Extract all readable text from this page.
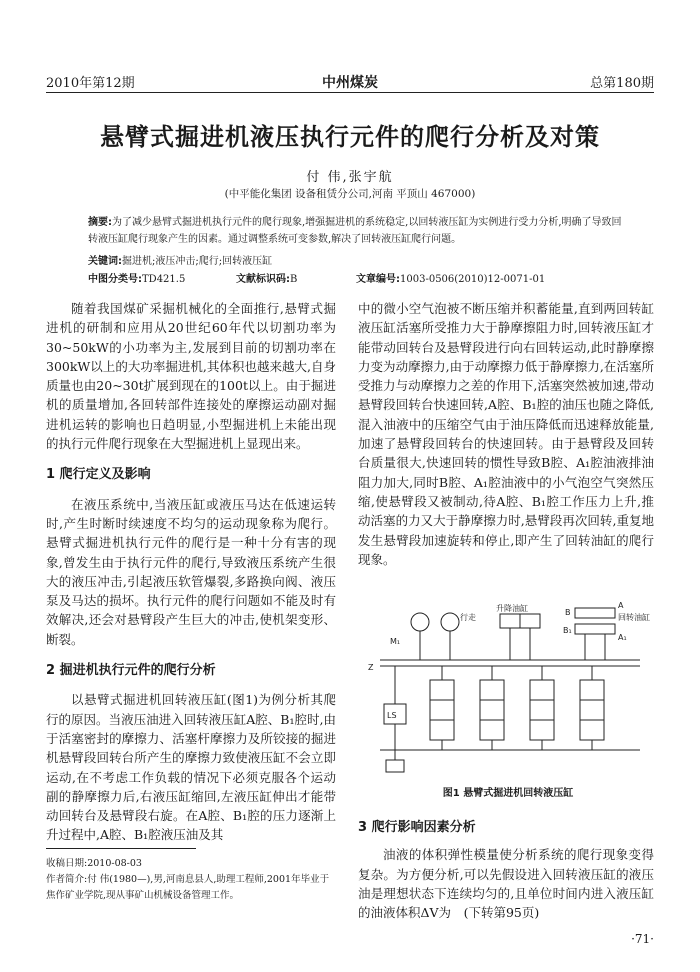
2010年第12期	中州煤炭	总第180期
悬臂式掘进机液压执行元件的爬行分析及对策
付 伟,张宇航
(中平能化集团 设备租赁分公司,河南 平顶山 467000)
摘要:为了减少悬臂式掘进机执行元件的爬行现象,增强掘进机的系统稳定,以回转液压缸为实例进行受力分析,明确了导致回转液压缸爬行现象产生的因素。通过调整系统可变参数,解决了回转液压缸爬行问题。
关键词:掘进机;液压冲击;爬行;回转液压缸
中图分类号:TD421.5	文献标识码:B	文章编号:1003-0506(2010)12-0071-01

随着我国煤矿采掘机械化的全面推行,悬臂式掘进机的研制和应用从20世纪60年代以切割功率为30~50kW的小功率为主,发展到目前的切割功率在300kW以上的大功率掘进机,其体积也越来越大,自身质量也由20~30t扩展到现在的100t以上。由于掘进机的质量增加,各回转部件连接处的摩擦运动副对掘进机运转的影响也日趋明显,小型掘进机上未能出现的执行元件爬行现象在大型掘进机上显现出来。

1 爬行定义及影响

在液压系统中,当液压缸或液压马达在低速运转时,产生时断时续速度不均匀的运动现象称为爬行。悬臂式掘进机执行元件的爬行是一种十分有害的现象,曾发生由于执行元件的爬行,导致液压系统产生很大的液压冲击,引起液压软管爆裂,多路换向阀、液压泵及马达的损坏。执行元件的爬行问题如不能及时有效解决,还会对悬臂段产生巨大的冲击,使机架变形、断裂。

2 掘进机执行元件的爬行分析

以悬臂式掘进机回转液压缸(图1)为例分析其爬行的原因。当液压油进入回转液压缸A腔、B₁腔时,由于活塞密封的摩擦力、活塞杆摩擦力及所铰接的掘进机悬臂段回转台所产生的摩擦力致使液压缸不会立即运动,在不考虑工作负载的情况下必须克服各个运动副的静摩擦力后,右液压缸缩回,左液压缸伸出才能带动回转台及悬臂段右旋。在A腔、B₁腔的压力逐渐上升过程中,A腔、B₁腔液压油及其

中的微小空气泡被不断压缩并积蓄能量,直到两回转缸液压缸活塞所受推力大于静摩擦阻力时,回转液压缸才能带动回转台及悬臂段进行向右回转运动,此时静摩擦力变为动摩擦力,由于动摩擦力低于静摩擦力,在活塞所受推力与动摩擦力之差的作用下,活塞突然被加速,带动悬臂段回转台快速回转,A腔、B₁腔的油压也随之降低,混入油液中的压缩空气由于油压降低而迅速释放能量,加速了悬臂段回转台的快速回转。由于悬臂段及回转台质量很大,快速回转的惯性导致B腔、A₁腔油液排油阻力加大,同时B腔、A₁腔油液中的小气泡空气突然压缩,使悬臂段又被制动,待A腔、B₁腔工作压力上升,推动活塞的力又大于静摩擦力时,悬臂段再次回转,重复地发生悬臂段加速旋转和停止,即产生了回转油缸的爬行现象。

行走
升降油缸
回转油缸
M₁
Z
LS
B
A
B₁
A₁
图1 悬臂式掘进机回转液压缸
3 爬行影响因素分析

油液的体积弹性模量使分析系统的爬行现象变得复杂。为方便分析,可以先假设进入回转液压缸的液压油是理想状态下连续均匀的,且单位时间内进入液压缸的油液体积ΔV为  (下转第95页)

收稿日期:2010-08-03
作者简介:付 伟(1980—),男,河南息县人,助理工程师,2001年毕业于焦作矿业学院,现从事矿山机械设备管理工作。
·71·
